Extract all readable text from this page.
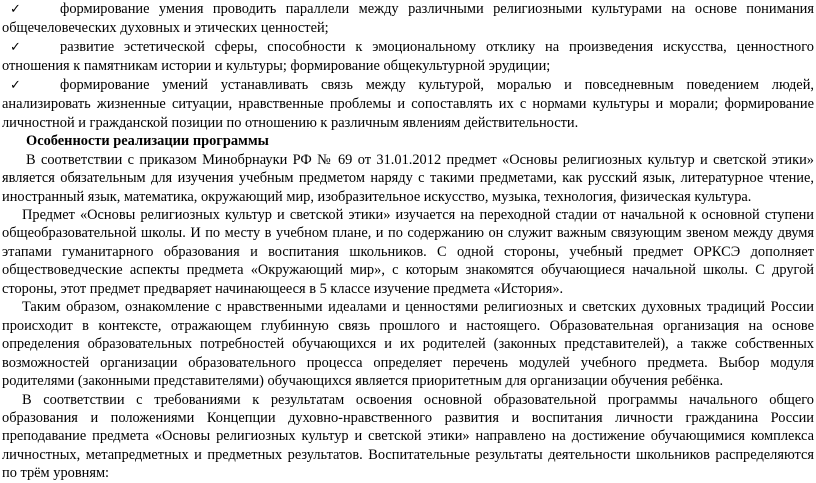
✓	формирование умения проводить параллели между различными религиозными культурами на основе понимания

общечеловеческих духовных и этических ценностей;

✓	развитие эстетической сферы, способности к эмоциональному отклику на произведения искусства, ценностного

отношения к памятникам истории и культуры; формирование общекультурной эрудиции;

✓	формирование умений устанавливать связь между культурой, моралью и повседневным поведением людей,

анализировать жизненные ситуации, нравственные проблемы и сопоставлять их с нормами культуры и морали; формирование

личностной и гражданской позиции по отношению к различным явлениям действительности.

Особенности реализации программы

В соответствии с приказом Минобрнауки РФ № 69 от 31.01.2012 предмет «Основы религиозных культур и светской этики»

является обязательным для изучения учебным предметом наряду с такими предметами, как русский язык, литературное чтение,

иностранный язык, математика, окружающий мир, изобразительное искусство, музыка, технология, физическая культура.

Предмет «Основы религиозных культур и светской этики» изучается на переходной стадии от начальной к основной ступени

общеобразовательной школы. И по месту в учебном плане, и по содержанию он служит важным связующим звеном между двумя

этапами гуманитарного образования и воспитания школьников. С одной стороны, учебный предмет ОРКСЭ дополняет

обществоведческие аспекты предмета «Окружающий мир», с которым знакомятся обучающиеся начальной школы. С другой

стороны, этот предмет предваряет начинающееся в 5 классе изучение предмета «История».

Таким образом, ознакомление с нравственными идеалами и ценностями религиозных и светских духовных традиций России

происходит в контексте, отражающем глубинную связь прошлого и настоящего. Образовательная организация на основе

определения образовательных потребностей обучающихся и их родителей (законных представителей), а также собственных

возможностей организации образовательного процесса определяет перечень модулей учебного предмета. Выбор модуля

родителями (законными представителями) обучающихся является приоритетным для организации обучения ребёнка.

В соответствии с требованиями к результатам освоения основной образовательной программы начального общего

образования и положениями Концепции духовно-нравственного развития и воспитания личности гражданина России

преподавание предмета «Основы религиозных культур и светской этики» направлено на достижение обучающимися комплекса

личностных, метапредметных и предметных результатов. Воспитательные результаты деятельности школьников распределяются

по трём уровням:
